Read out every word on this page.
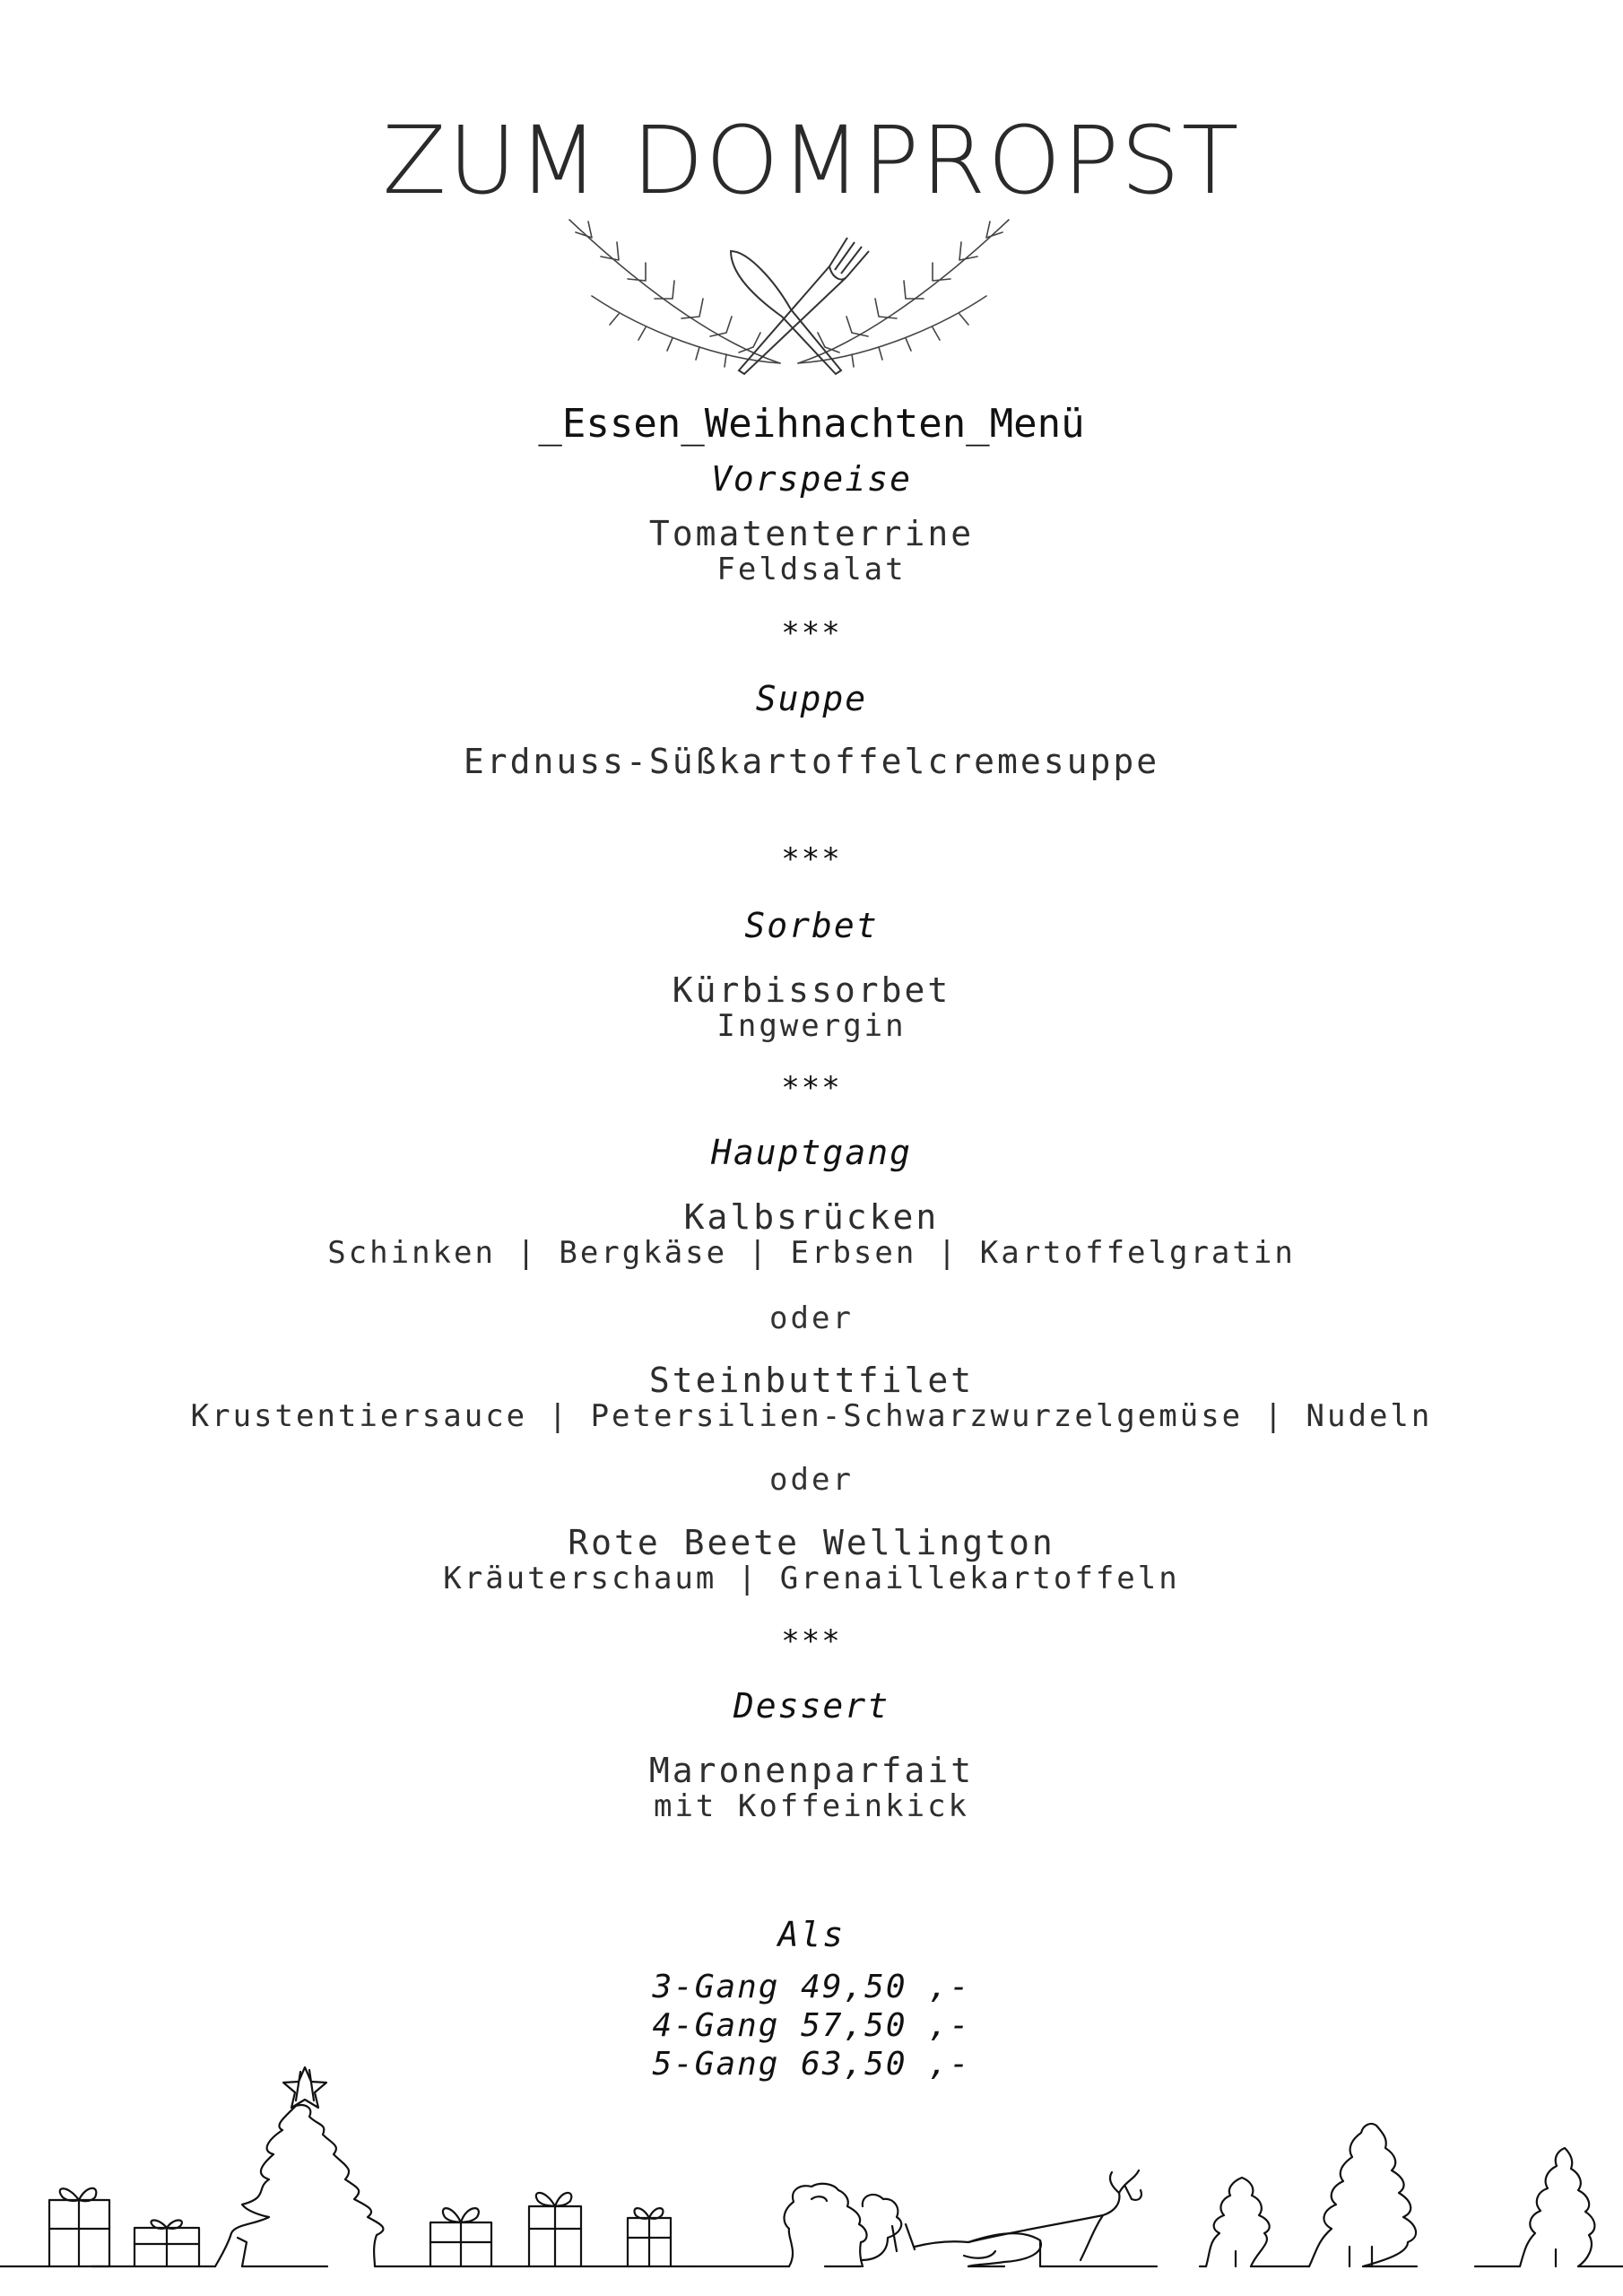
ZUM DOMPROPST
_Essen_Weihnachten_Menü
Vorspeise
Tomatenterrine
Feldsalat
***
Suppe
Erdnuss-Süßkartoffelcremesuppe
***
Sorbet
Kürbissorbet
Ingwergin
***
Hauptgang
Kalbsrücken
Schinken | Bergkäse | Erbsen | Kartoffelgratin
oder
Steinbuttfilet
Krustentiersauce | Petersilien-Schwarzwurzelgemüse | Nudeln
oder
Rote Beete Wellington
Kräuterschaum | Grenaillekartoffeln
***
Dessert
Maronenparfait
mit Koffeinkick
Als
3-Gang 49,50 ,-
4-Gang 57,50 ,-
5-Gang 63,50 ,-
